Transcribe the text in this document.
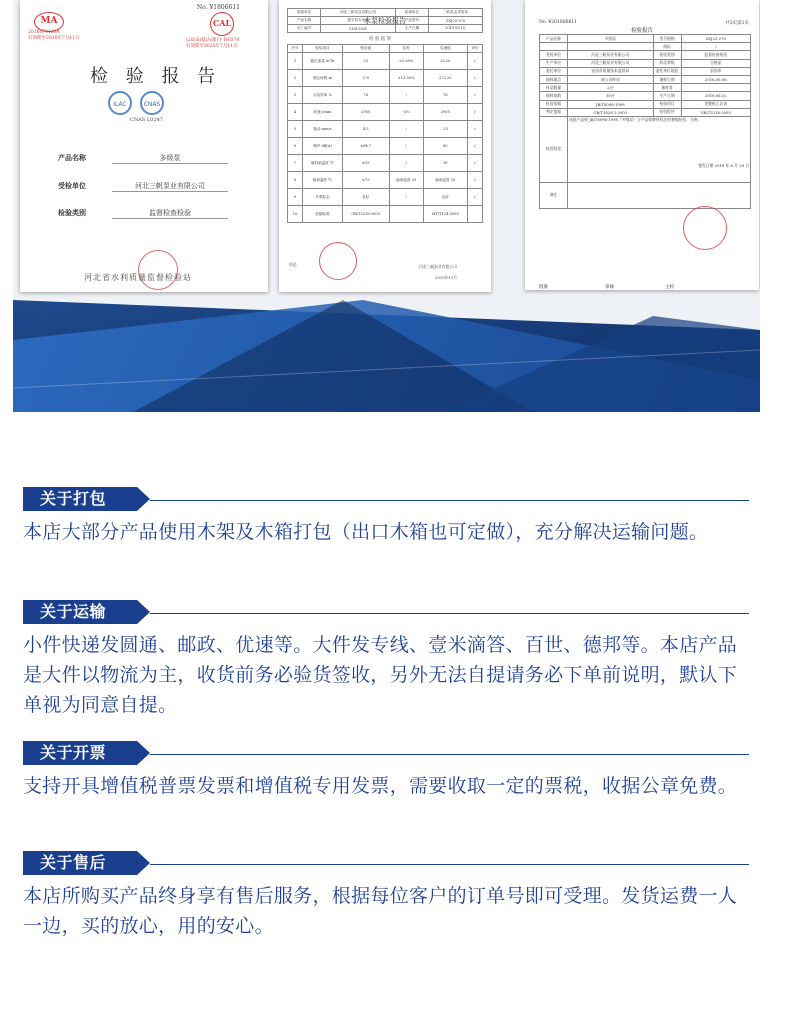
No. ¥1806611
MA
2016070126A
有效期至2020年7月11日
CAL
(2016)量认(冀)字 H0379
有效期至2020年7月11日
检 验 报 告
ILAC	CNAS
CNAS L0247
产品名称	多级泵
受检单位	河北三帆泵业有限公司
检验类别	监督检查检验
河北省水利质量监督检验站
制造单位	河北三帆泵业有限公司	检测单位	三帆泵业试验站
产品名称	透平机专用泵	产品型号	ZXJ25-270
出厂编号	11811301	生产日期	2019年11月
检 验 结 果
序号	检验项目	保证值	容差	实测值	评价
1	额定流量 m³/h	25	±2.00%	25.20	√
2	额定扬程 m	270	±13.50%	272.20	√
3	水泵效率 %	76	/	76	√
4	转速 r/min	2950	-5%	2950	√
5	振动 mm/s	4.5	/	3.5	√
6	噪声 dB(A)	≤84.7	/	80	√
7	填料函温度 ℃	≤15	/	10	√
8	轴承温度 ℃	≤75	轴承温度 35	轴承温度 35	√
9	外观标志	良好	/	良好	√
10	依据标准	GB/T3216-2005		MT/T114-2005	
结论	河北三帆泵业有限公司
2019年11月
No. ¥201806611	共3页第1页
检验报告
产品名称	多级泵	型号规格	ZXJ25-270
		商标	/
受检单位	河北三帆泵业有限公司	检验类别	监督检查检验
生产单位	河北三帆泵业有限公司	样品等级	合格品
委托单位	安国市质量技术监督局	委托单位地址	安国市
抽样地点	该公司库房	抽样日期	2018.06.06
样品数量	2台	抽样者	
抽样基数	30台	生产日期	2018.06.02
检验依据	JB/T8096-1998	检验项目	见整机汇总表
判定依据	GB/T2828.1-2003	检验程序	GB/T3216-2005
检验结论	该批产品按 JB/T8096-1998《多级泵》与产品铭牌所标注的参数检验，合格。
签发日期 2018 年 6 月 28 日		

备注			
批准	审核	主检
水泵检验报告
关于打包
本店大部分产品使用木架及木箱打包（出口木箱也可定做），充分解决运输问题。
关于运输
小件快递发圆通、邮政、优速等。大件发专线、壹米滴答、百世、德邦等。本店产品是大件以物流为主，收货前务必验货签收，另外无法自提请务必下单前说明，默认下单视为同意自提。
关于开票
支持开具增值税普票发票和增值税专用发票，需要收取一定的票税，收据公章免费。
关于售后
本店所购买产品终身享有售后服务，根据每位客户的订单号即可受理。发货运费一人一边，买的放心，用的安心。
